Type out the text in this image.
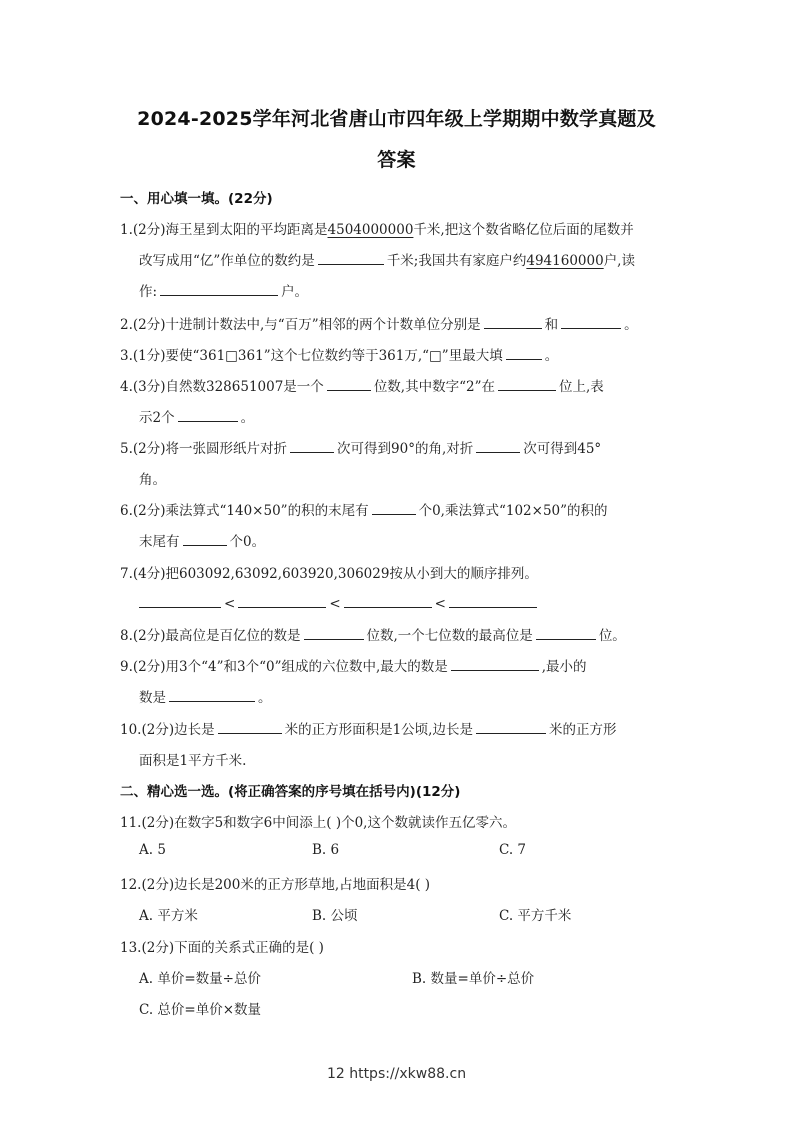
2024-2025学年河北省唐山市四年级上学期期中数学真题及
答案
一、用心填一填。(22分)
1.(2分)海王星到太阳的平均距离是4504000000千米,把这个数省略亿位后面的尾数并
改写成用“亿”作单位的数约是	千米;我国共有家庭户约494160000户,读
作:	户。
2.(2分)十进制计数法中,与“百万”相邻的两个计数单位分别是	和	。
3.(1分)要使“361□361”这个七位数约等于361万,“□”里最大填	。
4.(3分)自然数328651007是一个	位数,其中数字“2”在	位上,表
示2个	。
5.(2分)将一张圆形纸片对折	次可得到90°的角,对折	次可得到45°
角。
6.(2分)乘法算式“140×50”的积的末尾有	个0,乘法算式“102×50”的积的
末尾有	个0。
7.(4分)把603092,63092,603920,306029按从小到大的顺序排列。
<	<	<
8.(2分)最高位是百亿位的数是	位数,一个七位数的最高位是	位。
9.(2分)用3个“4”和3个“0”组成的六位数中,最大的数是	,最小的
数是	。
10.(2分)边长是	米的正方形面积是1公顷,边长是	米的正方形
面积是1平方千米.
二、精心选一选。(将正确答案的序号填在括号内)(12分)
11.(2分)在数字5和数字6中间添上( )个0,这个数就读作五亿零六。
A. 5	B. 6	C. 7
12.(2分)边长是200米的正方形草地,占地面积是4( )
A. 平方米	B. 公顷	C. 平方千米
13.(2分)下面的关系式正确的是( )
A. 单价=数量÷总价	B. 数量=单价÷总价
C. 总价=单价×数量
12 https://xkw88.cn
